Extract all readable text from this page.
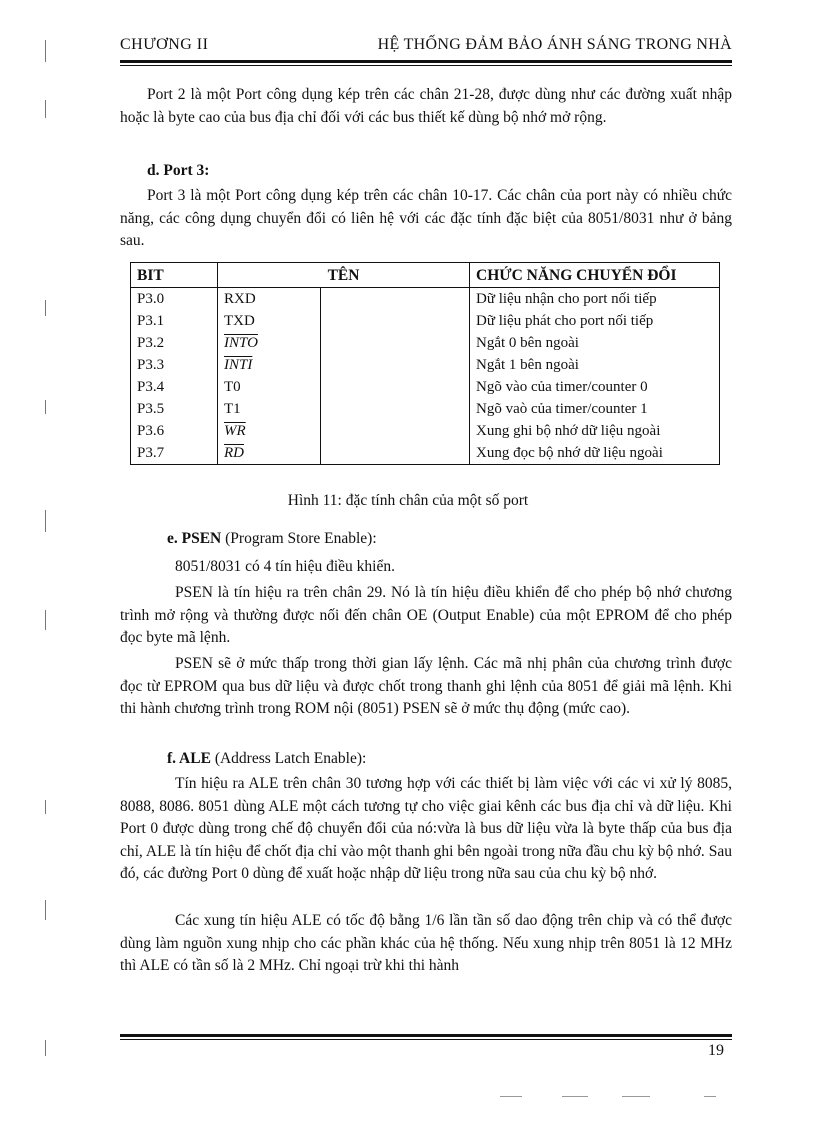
CHƯƠNG II	HỆ THỐNG ĐẢM BẢO ÁNH SÁNG TRONG NHÀ
Port 2 là một Port công dụng kép trên các chân 21-28, được dùng như các đường xuất nhập hoặc là byte cao của bus địa chỉ đối với các bus thiết kế dùng bộ nhớ mở rộng.
d. Port 3:
Port 3 là một Port công dụng kép trên các chân 10-17. Các chân của port này có nhiều chức năng, các công dụng chuyển đổi có liên hệ với các đặc tính đặc biệt của 8051/8031 như ở bảng sau.
BIT	TÊN		CHỨC NĂNG CHUYỂN ĐỔI
P3.0	RXD		Dữ liệu nhận cho port nối tiếp
P3.1	TXD		Dữ liệu phát cho port nối tiếp
P3.2	INTO		Ngắt 0 bên ngoài
P3.3	INTI		Ngắt 1 bên ngoài
P3.4	T0		Ngõ vào của timer/counter 0
P3.5	T1		Ngõ vaò của timer/counter 1
P3.6	$\overline{WR}$		Xung ghi bộ nhớ dữ liệu ngoài
P3.7	$\overline{RD}$		Xung đọc bộ nhớ dữ liệu ngoài
Hình 11: đặc tính chân của một số port
e. PSEN (Program Store Enable):
8051/8031 có 4 tín hiệu điều khiển.
PSEN là tín hiệu ra trên chân 29. Nó là tín hiệu điều khiển để cho phép bộ nhớ chương trình mở rộng và thường được nối đến chân OE (Output Enable) của một EPROM để cho phép đọc byte mã lệnh.
PSEN sẽ ở mức thấp trong thời gian lấy lệnh. Các mã nhị phân của chương trình được đọc từ EPROM qua bus dữ liệu và được chốt trong thanh ghi lệnh của 8051 để giải mã lệnh. Khi thi hành chương trình trong ROM nội (8051) PSEN sẽ ở mức thụ động (mức cao).
f. ALE (Address Latch Enable):
Tín hiệu ra ALE trên chân 30 tương hợp với các thiết bị làm việc với các vi xử lý 8085, 8088, 8086. 8051 dùng ALE một cách tương tự cho việc giai kênh các bus địa chỉ và dữ liệu. Khi Port 0 được dùng trong chế độ chuyển đổi của nó:vừa là bus dữ liệu vừa là byte thấp của bus địa chỉ, ALE là tín hiệu để chốt địa chỉ vào một thanh ghi bên ngoài trong nữa đầu chu kỳ bộ nhớ. Sau đó, các đường Port 0 dùng để xuất hoặc nhập dữ liệu trong nữa sau của chu kỳ bộ nhớ.
Các xung tín hiệu ALE có tốc độ bằng 1/6 lần tần số dao động trên chip và có thể được dùng làm nguồn xung nhịp cho các phần khác của hệ thống. Nếu xung nhịp trên 8051 là 12 MHz thì ALE có tần số là 2 MHz. Chỉ ngoại trừ khi thi hành
19
